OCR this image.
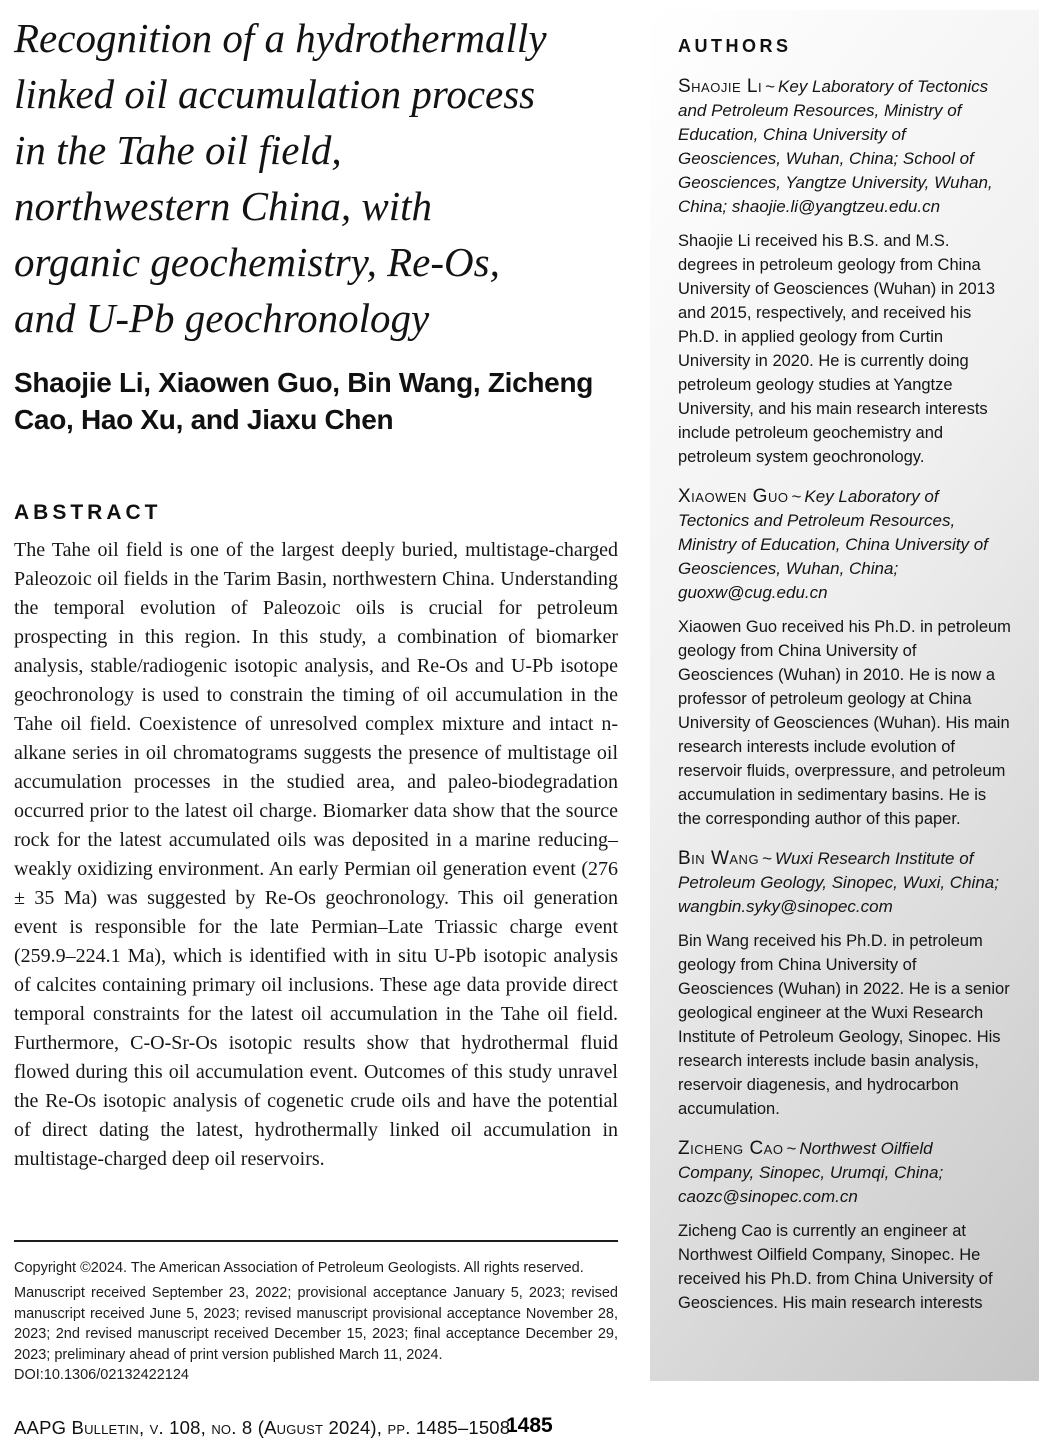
Recognition of a hydrothermally
linked oil accumulation process
in the Tahe oil field,
northwestern China, with
organic geochemistry, Re-Os,
and U-Pb geochronology
Shaojie Li, Xiaowen Guo, Bin Wang, Zicheng Cao, Hao Xu, and Jiaxu Chen
ABSTRACT

The Tahe oil field is one of the largest deeply buried, multistage-charged Paleozoic oil fields in the Tarim Basin, northwestern China. Understanding the temporal evolution of Paleozoic oils is crucial for petroleum prospecting in this region. In this study, a combination of biomarker analysis, stable/radiogenic isotopic analysis, and Re-Os and U-Pb isotope geochronology is used to constrain the timing of oil accumulation in the Tahe oil field. Coexistence of unresolved complex mixture and intact n-alkane series in oil chromatograms suggests the presence of multistage oil accumulation processes in the studied area, and paleo-biodegradation occurred prior to the latest oil charge. Biomarker data show that the source rock for the latest accumulated oils was deposited in a marine reducing–weakly oxidizing environment. An early Permian oil generation event (276 ± 35 Ma) was suggested by Re-Os geochronology. This oil generation event is responsible for the late Permian–Late Triassic charge event (259.9–224.1 Ma), which is identified with in situ U-Pb isotopic analysis of calcites containing primary oil inclusions. These age data provide direct temporal constraints for the latest oil accumulation in the Tahe oil field. Furthermore, C-O-Sr-Os isotopic results show that hydrothermal fluid flowed during this oil accumulation event. Outcomes of this study unravel the Re-Os isotopic analysis of cogenetic crude oils and have the potential of direct dating the latest, hydrothermally linked oil accumulation in multistage-charged deep oil reservoirs.

Copyright ©2024. The American Association of Petroleum Geologists. All rights reserved.

Manuscript received September 23, 2022; provisional acceptance January 5, 2023; revised manuscript received June 5, 2023; revised manuscript provisional acceptance November 28, 2023; 2nd revised manuscript received December 15, 2023; final acceptance December 29, 2023; preliminary ahead of print version published March 11, 2024.

DOI:10.1306/02132422124

AUTHORS

Shaojie Li ~ Key Laboratory of Tectonics and Petroleum Resources, Ministry of Education, China University of Geosciences, Wuhan, China; School of Geosciences, Yangtze University, Wuhan, China; shaojie.li@yangtzeu.edu.cn

Shaojie Li received his B.S. and M.S. degrees in petroleum geology from China University of Geosciences (Wuhan) in 2013 and 2015, respectively, and received his Ph.D. in applied geology from Curtin University in 2020. He is currently doing petroleum geology studies at Yangtze University, and his main research interests include petroleum geochemistry and petroleum system geochronology.

Xiaowen Guo ~ Key Laboratory of Tectonics and Petroleum Resources, Ministry of Education, China University of Geosciences, Wuhan, China; guoxw@cug.edu.cn

Xiaowen Guo received his Ph.D. in petroleum geology from China University of Geosciences (Wuhan) in 2010. He is now a professor of petroleum geology at China University of Geosciences (Wuhan). His main research interests include evolution of reservoir fluids, overpressure, and petroleum accumulation in sedimentary basins. He is the corresponding author of this paper.

Bin Wang ~ Wuxi Research Institute of Petroleum Geology, Sinopec, Wuxi, China; wangbin.syky@sinopec.com

Bin Wang received his Ph.D. in petroleum geology from China University of Geosciences (Wuhan) in 2022. He is a senior geological engineer at the Wuxi Research Institute of Petroleum Geology, Sinopec. His research interests include basin analysis, reservoir diagenesis, and hydrocarbon accumulation.

Zicheng Cao ~ Northwest Oilfield Company, Sinopec, Urumqi, China; caozc@sinopec.com.cn

Zicheng Cao is currently an engineer at Northwest Oilfield Company, Sinopec. He received his Ph.D. from China University of Geosciences. His main research interests

AAPG Bulletin, v. 108, no. 8 (August 2024), pp. 1485–1508
1485
